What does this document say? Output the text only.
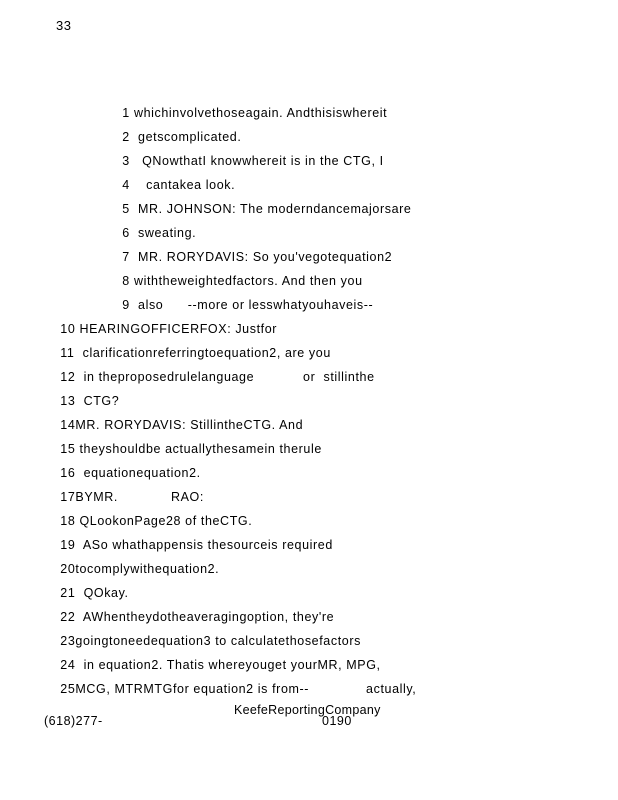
33

1 whichinvolvethoseagain. Andthisiswhereit

2 getscomplicated.

3 QNowthatI knowwhereit is in the CTG, I

4 cantakea look.

5 MR. JOHNSON: The moderndancemajorsare

6 sweating.

7 MR. RORYDAVIS: So you'vegotequation2

8 withtheweightedfactors. And then you

9 also      --more or lesswhatyouhaveis--

10 HEARINGOFFICERFOX: Justfor

11 clarificationreferringtoequation2, are you

12 in theproposedrulelanguage            or  stillinthe

13 CTG?

14MR. RORYDAVIS: StillintheCTG. And

15 theyshouldbe actuallythesamein therule

16 equationequation2.

17BYMR.             RAO:

18 QLookonPage28 of theCTG.

19 ASo whathappensis thesourceis required

20tocomplywithequation2.

21 QOkay.

22 AWhentheydotheaveragingoption, they're

23goingtoneedequation3 to calculatethosefactors

24 in equation2. Thatis whereyouget yourMR, MPG,

25MCG, MTRMTGfor equation2 is from--              actually,

KeefeReportingCompany
(618)277-	0190
